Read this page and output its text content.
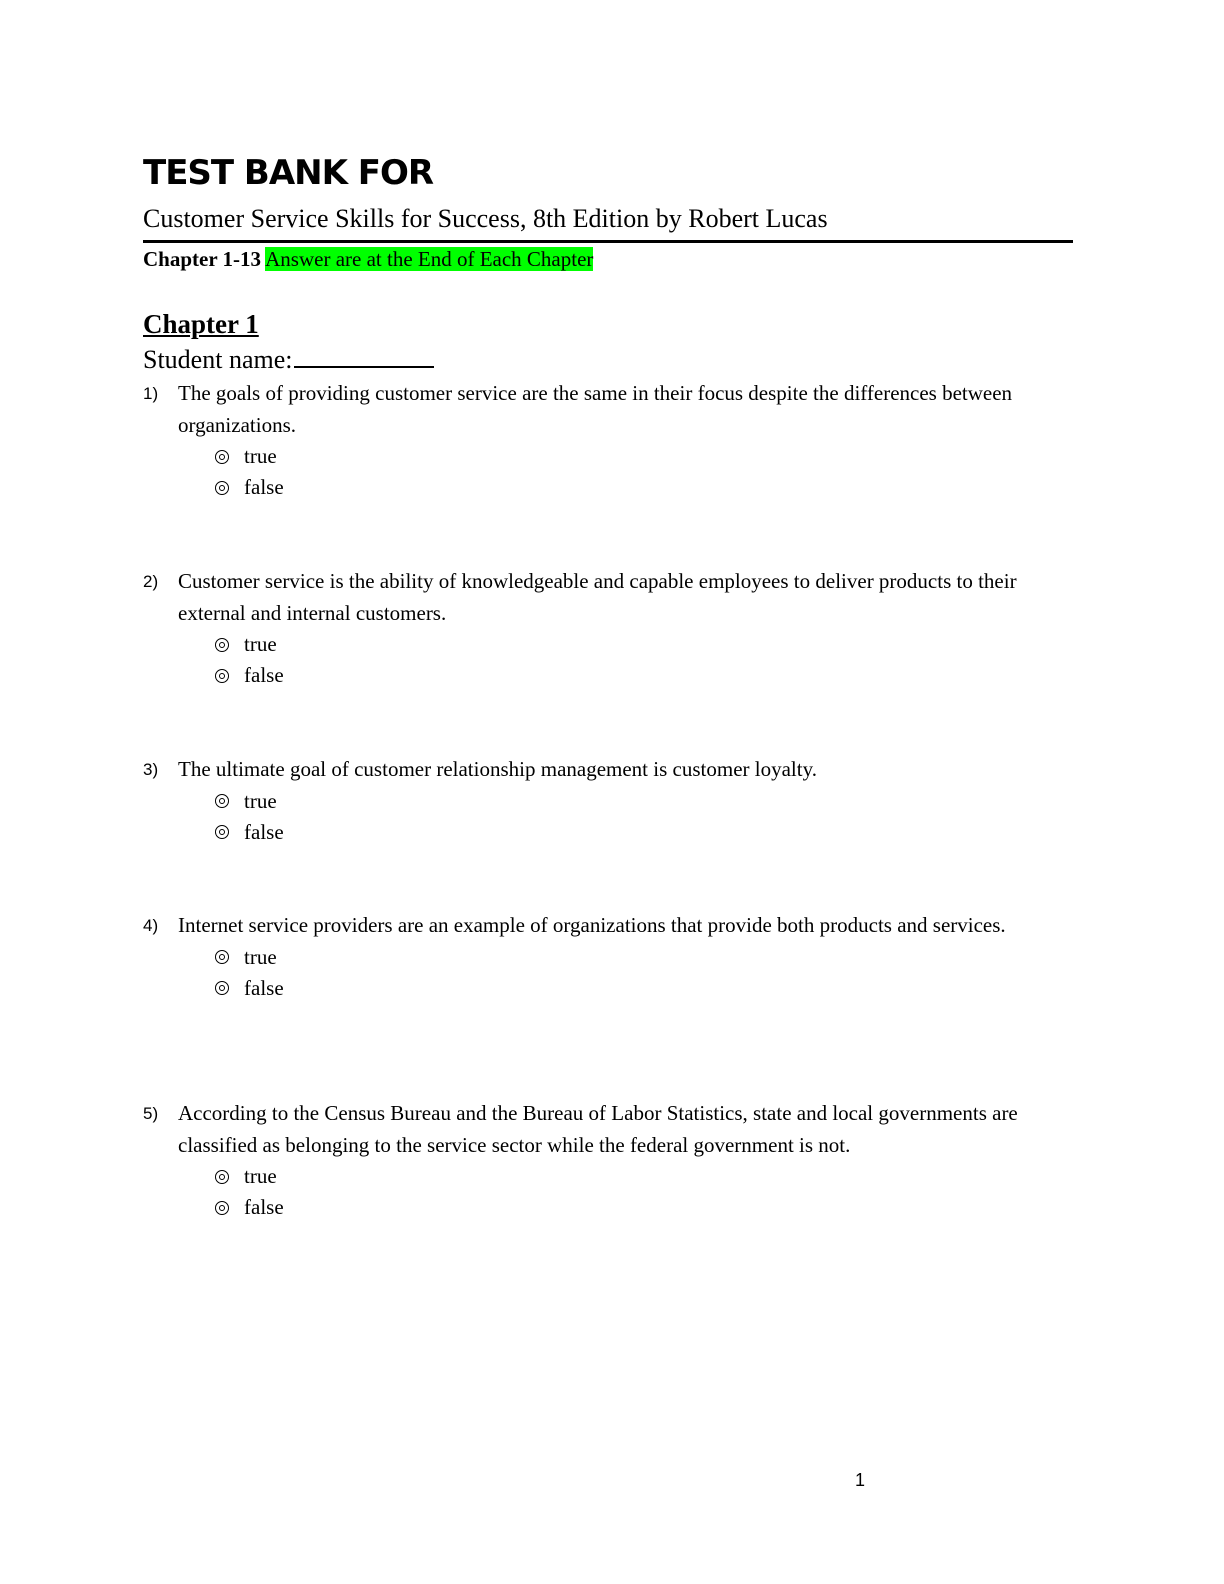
TEST BANK FOR

Customer Service Skills for Success, 8th Edition by Robert Lucas

Chapter 1-13 Answer are at the End of Each Chapter

Chapter 1

Student name:

1) The goals of providing customer service are the same in their focus despite the differences between organizations.
true
false
2) Customer service is the ability of knowledgeable and capable employees to deliver products to their external and internal customers.
true
false
3) The ultimate goal of customer relationship management is customer loyalty.
true
false
4) Internet service providers are an example of organizations that provide both products and services.
true
false
5) According to the Census Bureau and the Bureau of Labor Statistics, state and local governments are classified as belonging to the service sector while the federal government is not.
true
false

1
